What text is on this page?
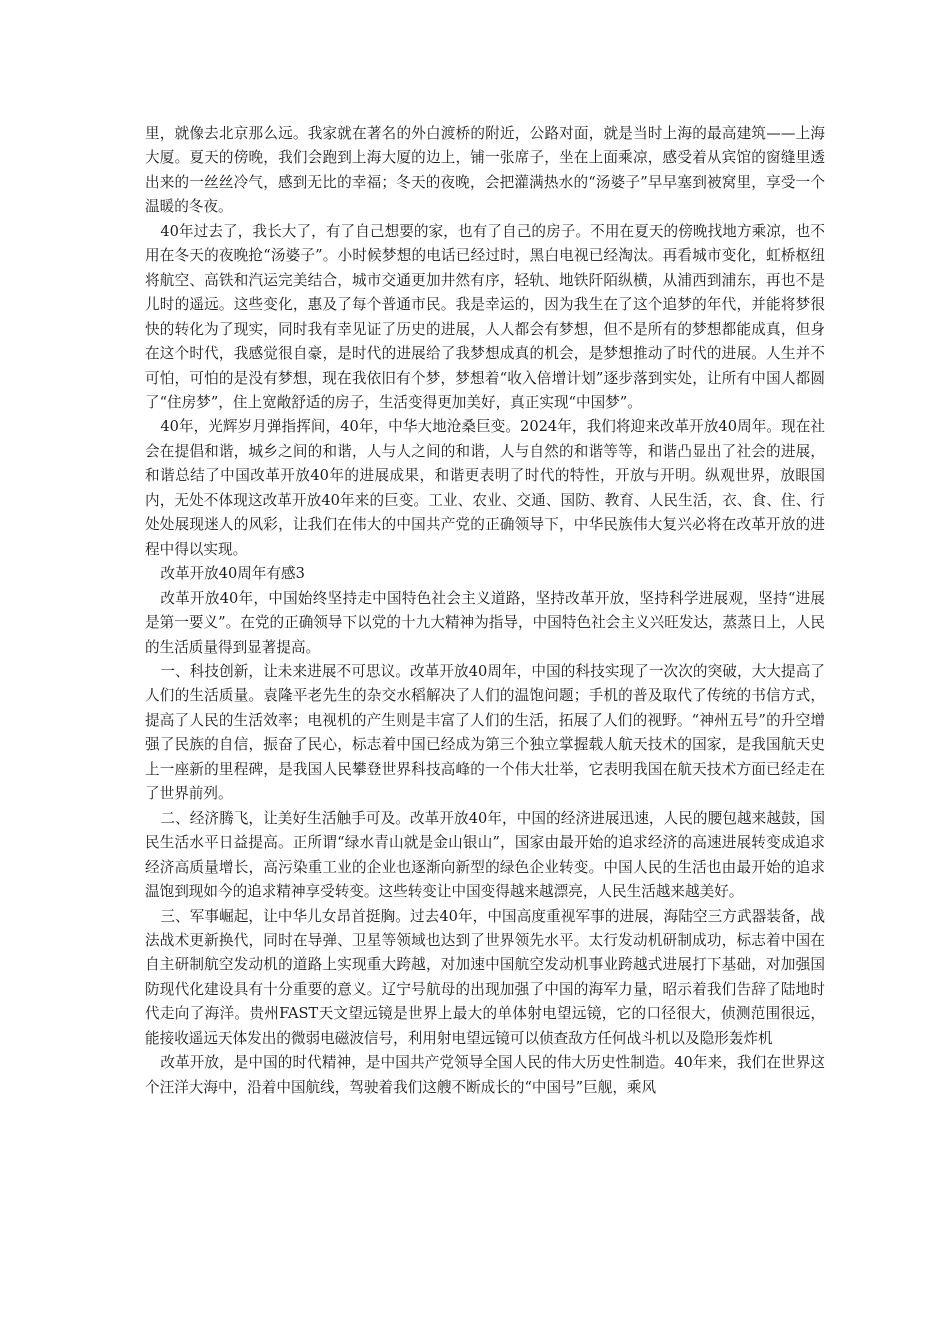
里，就像去北京那么远。我家就在著名的外白渡桥的附近，公路对面，就是当时上海的最高建筑——上海大厦。夏天的傍晚，我们会跑到上海大厦的边上，铺一张席子，坐在上面乘凉，感受着从宾馆的窗缝里透出来的一丝丝冷气，感到无比的幸福；冬天的夜晚，会把灌满热水的“汤婆子”早早塞到被窝里，享受一个温暖的冬夜。

40年过去了，我长大了，有了自己想要的家，也有了自己的房子。不用在夏天的傍晚找地方乘凉，也不用在冬天的夜晚抢“汤婆子”。小时候梦想的电话已经过时，黑白电视已经淘汰。再看城市变化，虹桥枢纽将航空、高铁和汽运完美结合，城市交通更加井然有序，轻轨、地铁阡陌纵横，从浦西到浦东，再也不是儿时的遥远。这些变化，惠及了每个普通市民。我是幸运的，因为我生在了这个追梦的年代，并能将梦很快的转化为了现实，同时我有幸见证了历史的进展，人人都会有梦想，但不是所有的梦想都能成真，但身在这个时代，我感觉很自豪，是时代的进展给了我梦想成真的机会，是梦想推动了时代的进展。人生并不可怕，可怕的是没有梦想，现在我依旧有个梦，梦想着“收入倍增计划”逐步落到实处，让所有中国人都圆了“住房梦”，住上宽敞舒适的房子，生活变得更加美好，真正实现“中国梦”。

40年，光辉岁月弹指挥间，40年，中华大地沧桑巨变。2024年，我们将迎来改革开放40周年。现在社会在提倡和谐，城乡之间的和谐，人与人之间的和谐，人与自然的和谐等等，和谐凸显出了社会的进展，和谐总结了中国改革开放40年的进展成果，和谐更表明了时代的特性，开放与开明。纵观世界，放眼国内，无处不体现这改革开放40年来的巨变。工业、农业、交通、国防、教育、人民生活，衣、食、住、行处处展现迷人的风彩，让我们在伟大的中国共产党的正确领导下，中华民族伟大复兴必将在改革开放的进程中得以实现。

改革开放40周年有感3

改革开放40年，中国始终坚持走中国特色社会主义道路，坚持改革开放，坚持科学进展观，坚持“进展是第一要义”。在党的正确领导下以党的十九大精神为指导，中国特色社会主义兴旺发达，蒸蒸日上，人民的生活质量得到显著提高。

一、科技创新，让未来进展不可思议。改革开放40周年，中国的科技实现了一次次的突破，大大提高了人们的生活质量。袁隆平老先生的杂交水稻解决了人们的温饱问题；手机的普及取代了传统的书信方式，提高了人民的生活效率；电视机的产生则是丰富了人们的生活，拓展了人们的视野。“神州五号”的升空增强了民族的自信，振奋了民心，标志着中国已经成为第三个独立掌握载人航天技术的国家，是我国航天史上一座新的里程碑，是我国人民攀登世界科技高峰的一个伟大壮举，它表明我国在航天技术方面已经走在了世界前列。

二、经济腾飞，让美好生活触手可及。改革开放40年，中国的经济进展迅速，人民的腰包越来越鼓，国民生活水平日益提高。正所谓“绿水青山就是金山银山”，国家由最开始的追求经济的高速进展转变成追求经济高质量增长，高污染重工业的企业也逐渐向新型的绿色企业转变。中国人民的生活也由最开始的追求温饱到现如今的追求精神享受转变。这些转变让中国变得越来越漂亮，人民生活越来越美好。

三、军事崛起，让中华儿女昂首挺胸。过去40年，中国高度重视军事的进展，海陆空三方武器装备，战法战术更新换代，同时在导弹、卫星等领域也达到了世界领先水平。太行发动机研制成功，标志着中国在自主研制航空发动机的道路上实现重大跨越，对加速中国航空发动机事业跨越式进展打下基础，对加强国防现代化建设具有十分重要的意义。辽宁号航母的出现加强了中国的海军力量，昭示着我们告辞了陆地时代走向了海洋。贵州FAST天文望远镜是世界上最大的单体射电望远镜，它的口径很大，侦测范围很远，能接收遥远天体发出的微弱电磁波信号，利用射电望远镜可以侦查敌方任何战斗机以及隐形轰炸机

改革开放，是中国的时代精神，是中国共产党领导全国人民的伟大历史性制造。40年来，我们在世界这个汪洋大海中，沿着中国航线，驾驶着我们这艘不断成长的“中国号”巨舰，乘风
